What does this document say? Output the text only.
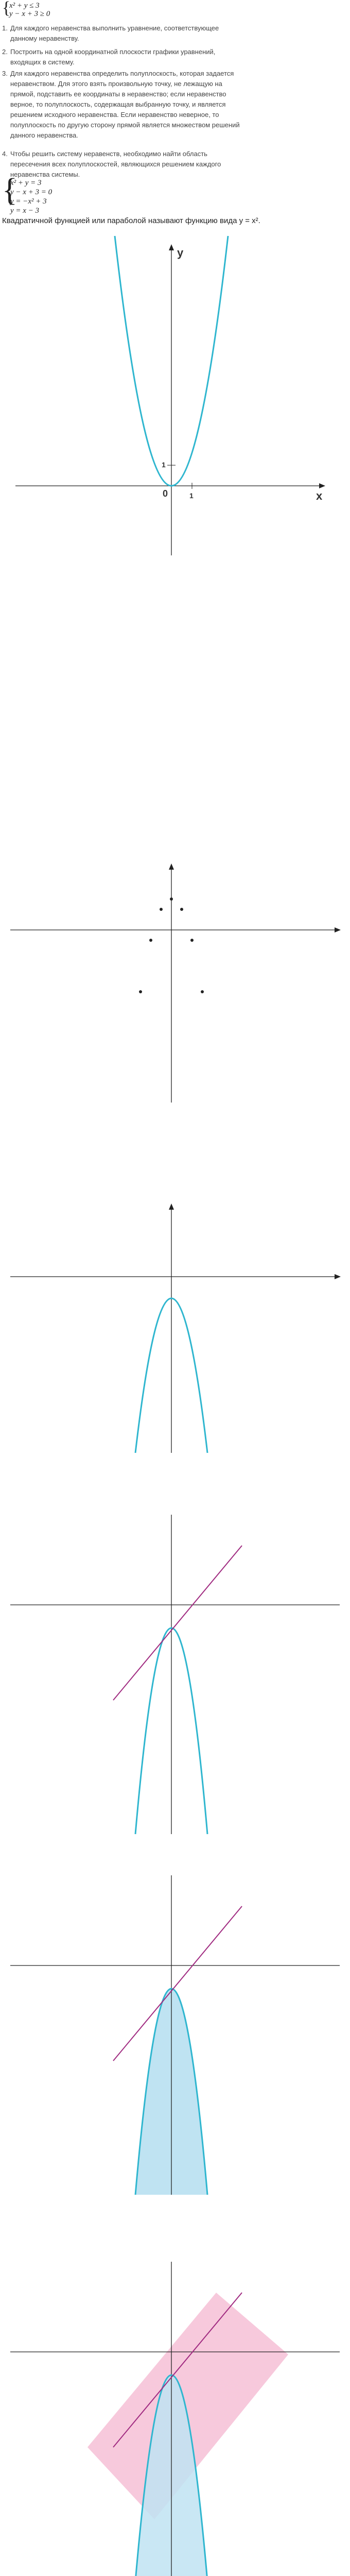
{
x² + y ≤ 3
y − x + 3 ≥ 0
1. Для каждого неравенства выполнить уравнение, соответствующее
данному неравенству.
2. Построить на одной координатной плоскости графики уравнений,
входящих в систему.
3. Для каждого неравенства определить полуплоскость, которая задается
неравенством. Для этого взять произвольную точку, не лежащую на
прямой, подставить ее координаты в неравенство; если неравенство
верное, то полуплоскость, содержащая выбранную точку, и является
решением исходного неравенства. Если неравенство неверное, то
полуплоскость по другую сторону прямой является множеством решений
данного неравенства.
4. Чтобы решить систему неравенств, необходимо найти область
пересечения всех полуплоскостей, являющихся решением каждого
неравенства системы.
{
x² + y = 3
y − x + 3 = 0
y = −x² + 3
y = x − 3
Квадратичной функцией или параболой называют функцию вида y = x².
y
x
0
1
1
